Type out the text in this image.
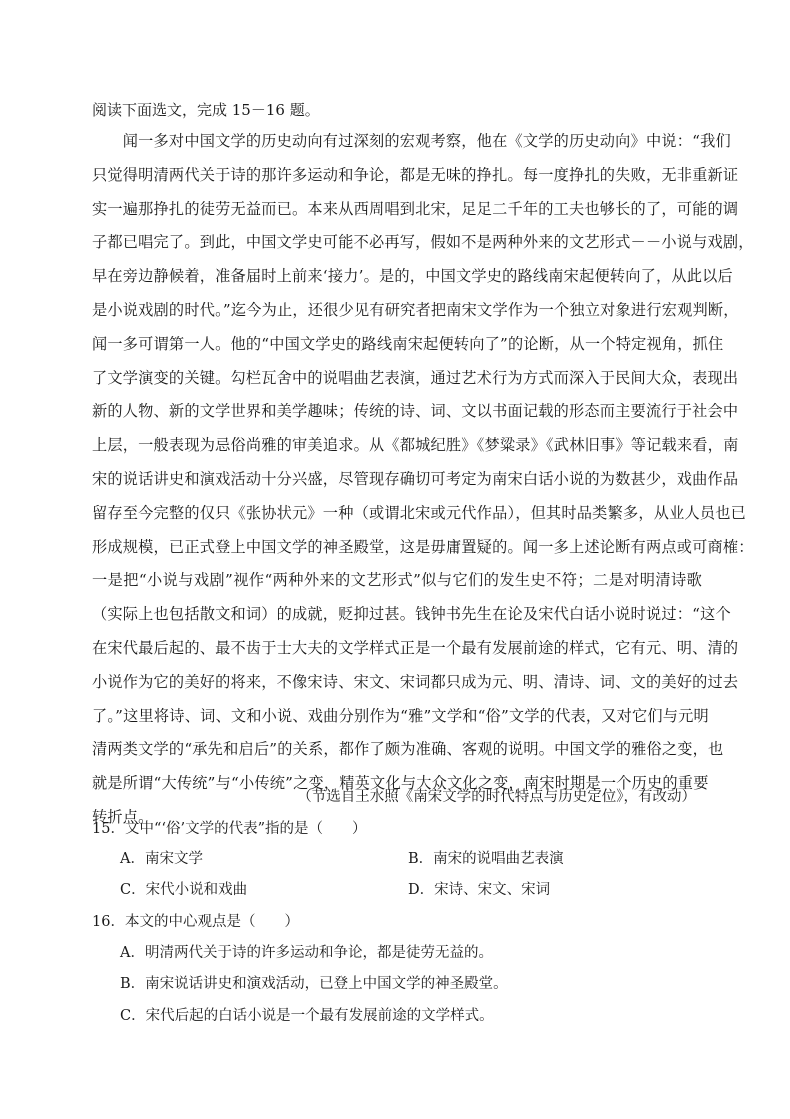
阅读下面选文，完成 15－16 题。
　　闻一多对中国文学的历史动向有过深刻的宏观考察，他在《文学的历史动向》中说：“我们
只觉得明清两代关于诗的那许多运动和争论，都是无味的挣扎。每一度挣扎的失败，无非重新证
实一遍那挣扎的徒劳无益而已。本来从西周唱到北宋，足足二千年的工夫也够长的了，可能的调
子都已唱完了。到此，中国文学史可能不必再写，假如不是两种外来的文艺形式－－小说与戏剧，
早在旁边静候着，准备届时上前来‘接力’。是的，中国文学史的路线南宋起便转向了，从此以后
是小说戏剧的时代。”迄今为止，还很少见有研究者把南宋文学作为一个独立对象进行宏观判断，
闻一多可谓第一人。他的“中国文学史的路线南宋起便转向了”的论断，从一个特定视角，抓住
了文学演变的关键。勾栏瓦舍中的说唱曲艺表演，通过艺术行为方式而深入于民间大众，表现出
新的人物、新的文学世界和美学趣味；传统的诗、词、文以书面记载的形态而主要流行于社会中
上层，一般表现为忌俗尚雅的审美追求。从《都城纪胜》《梦粱录》《武林旧事》等记载来看，南
宋的说话讲史和演戏活动十分兴盛，尽管现存确切可考定为南宋白话小说的为数甚少，戏曲作品
留存至今完整的仅只《张协状元》一种（或谓北宋或元代作品），但其时品类繁多，从业人员也已
形成规模，已正式登上中国文学的神圣殿堂，这是毋庸置疑的。闻一多上述论断有两点或可商榷：
一是把“小说与戏剧”视作“两种外来的文艺形式”似与它们的发生史不符；二是对明清诗歌
（实际上也包括散文和词）的成就，贬抑过甚。钱钟书先生在论及宋代白话小说时说过：“这个
在宋代最后起的、最不齿于士大夫的文学样式正是一个最有发展前途的样式，它有元、明、清的
小说作为它的美好的将来，不像宋诗、宋文、宋词都只成为元、明、清诗、词、文的美好的过去
了。”这里将诗、词、文和小说、戏曲分别作为“雅”文学和“俗”文学的代表，又对它们与元明
清两类文学的“承先和启后”的关系，都作了颇为准确、客观的说明。中国文学的雅俗之变，也
就是所谓“大传统”与“小传统”之变，精英文化与大众文化之变，南宋时期是一个历史的重要
转折点。
（节选自王水照《南宋文学的时代特点与历史定位》，有改动）
15．文中“‘俗’文学的代表”指的是（　　）
A．南宋文学	B．南宋的说唱曲艺表演
C．宋代小说和戏曲	D．宋诗、宋文、宋词
16．本文的中心观点是（　　）
A．明清两代关于诗的许多运动和争论，都是徒劳无益的。
B．南宋说话讲史和演戏活动，已登上中国文学的神圣殿堂。
C．宋代后起的白话小说是一个最有发展前途的文学样式。
